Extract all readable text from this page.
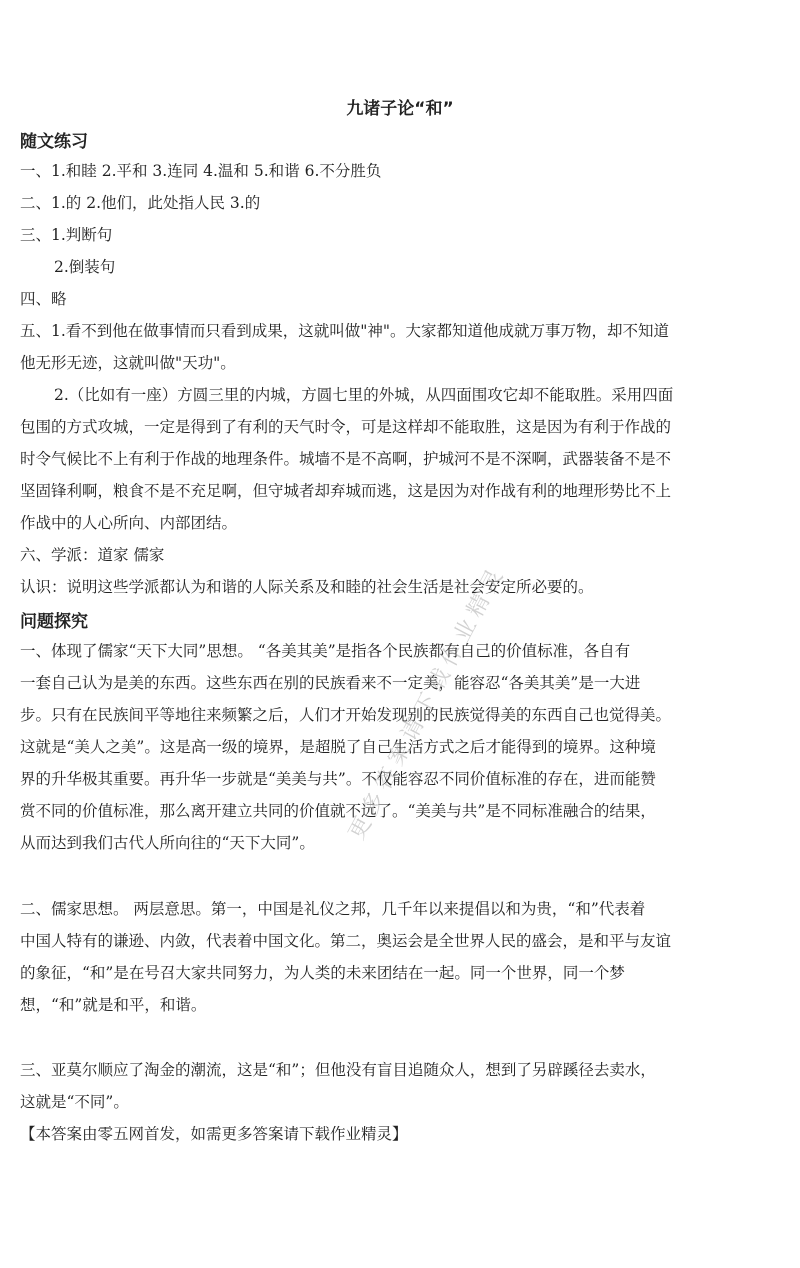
九诸子论“和”
随文练习
一、1.和睦 2.平和 3.连同 4.温和 5.和谐 6.不分胜负
二、1.的 2.他们，此处指人民 3.的
三、1.判断句
2.倒装句
四、略
五、1.看不到他在做事情而只看到成果，这就叫做"神"。大家都知道他成就万事万物，却不知道
他无形无迹，这就叫做"天功"。
2.（比如有一座）方圆三里的内城，方圆七里的外城，从四面围攻它却不能取胜。采用四面
包围的方式攻城，一定是得到了有利的天气时令，可是这样却不能取胜，这是因为有利于作战的
时令气候比不上有利于作战的地理条件。城墙不是不高啊，护城河不是不深啊，武器装备不是不
坚固锋利啊，粮食不是不充足啊，但守城者却弃城而逃，这是因为对作战有利的地理形势比不上
作战中的人心所向、内部团结。
六、学派：道家 儒家
认识：说明这些学派都认为和谐的人际关系及和睦的社会生活是社会安定所必要的。
问题探究
一、体现了儒家“天下大同”思想。 “各美其美”是指各个民族都有自己的价值标准，各自有
一套自己认为是美的东西。这些东西在别的民族看来不一定美，能容忍“各美其美”是一大进
步。只有在民族间平等地往来频繁之后，人们才开始发现别的民族觉得美的东西自己也觉得美。
这就是“美人之美”。这是高一级的境界，是超脱了自己生活方式之后才能得到的境界。这种境
界的升华极其重要。再升华一步就是“美美与共”。不仅能容忍不同价值标准的存在，进而能赞
赏不同的价值标准，那么离开建立共同的价值就不远了。“美美与共”是不同标准融合的结果，
从而达到我们古代人所向往的“天下大同”。
二、儒家思想。 两层意思。第一，中国是礼仪之邦，几千年以来提倡以和为贵，“和”代表着
中国人特有的谦逊、内敛，代表着中国文化。第二，奥运会是全世界人民的盛会，是和平与友谊
的象征，“和”是在号召大家共同努力，为人类的未来团结在一起。同一个世界，同一个梦
想，“和”就是和平，和谐。
三、亚莫尔顺应了淘金的潮流，这是“和”；但他没有盲目追随众人，想到了另辟蹊径去卖水，
这就是“不同”。
【本答案由零五网首发，如需更多答案请下载作业精灵】
更多答案请下载作业精灵
